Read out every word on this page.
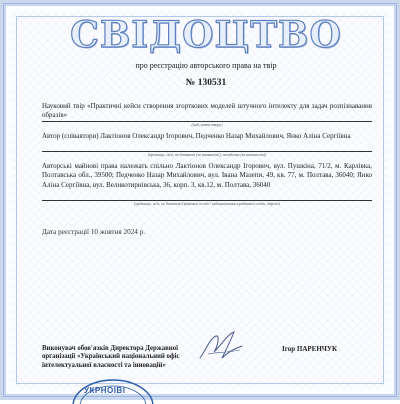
СВІДОЦТВО
про реєстрацію авторського права на твір
№ 130531
Науковий твір «Практичні кейси створення згорткових моделей штучного інтелекту для задач розпізнавання образів»
(вид, назва твору)
Автор (співавтори) Лактіонов Олександр Ігорович, Педченко Назар Михайлович, Янко Аліна Сергіївна
(прізвище, ім'я, по батькові (за наявності), псевдонім (за наявності))
Авторські майнові права належать спільно Лактіонов Олександр Ігорович, вул. Пушкіна, 71/2, м. Карлівка, Полтавська обл., 39500; Педченко Назар Михайлович, вул. Івана Мазепи, 49, кв. 77, м. Полтава, 36040; Янко Аліна Сергіївна, вул. Великотирнівська, 36, корп. 3, кв.12, м. Полтава, 36040
(прізвище, ім'я, по батькові (фізичної особи / найменування юридичної особи, адреса)
Дата реєстрації 10 жовтня 2024 р.
Виконувач обов'язків Директора Державної організації «Український національний офіс інтелектуальної власності та інновацій»
Ігор ПАРЕНЧУК
УКРНОІВІ
